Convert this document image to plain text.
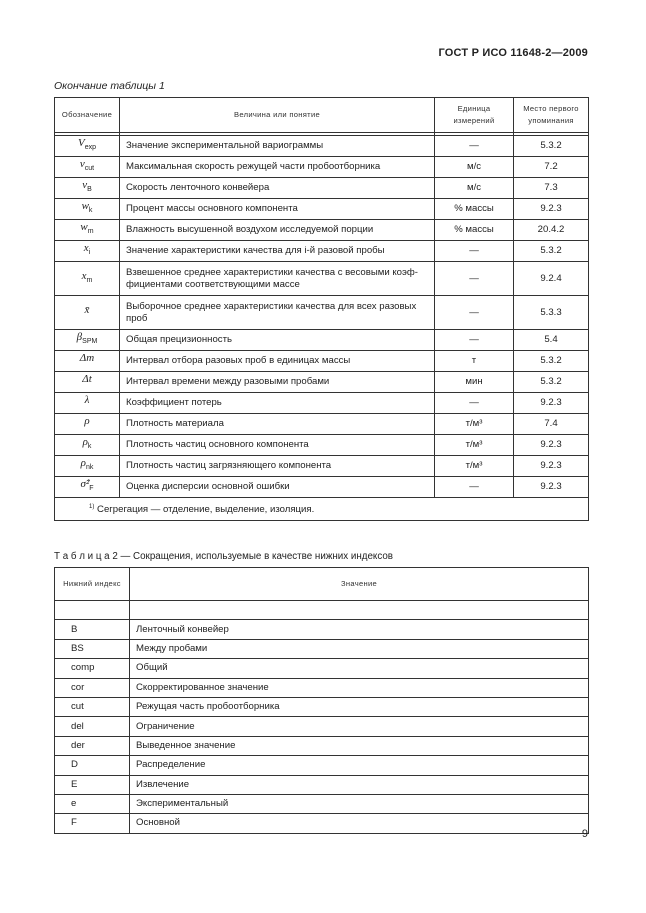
ГОСТ Р ИСО 11648-2—2009
Окончание таблицы 1
Обозначение	Величина или понятие	Единица измерений	Место первого упоминания

$V_{exp}$	Значение экспериментальной вариограммы	—	5.3.2
$\nu_{cut}$	Максимальная скорость режущей части пробоотборника	м/с	7.2
$\nu_B$	Скорость ленточного конвейера	м/с	7.3
$w_k$	Процент массы основного компонента	% массы	9.2.3
$w_m$	Влажность высушенной воздухом исследуемой порции	% массы	20.4.2
$x_i$	Значение характеристики качества для i-й разовой пробы	—	5.3.2
$x_m$	Взвешенное среднее характеристики качества с весовыми коэф-фициентами соответствующими массе	—	9.2.4
x̄	Выборочное среднее характеристики качества для всех разовых проб	—	5.3.3
$\beta_{SPM}$	Общая прецизионность	—	5.4
Δm	Интервал отбора разовых проб в единицах массы	т	5.3.2
Δt	Интервал времени между разовыми пробами	мин	5.3.2
λ	Коэффициент потерь	—	9.2.3
ρ	Плотность материала	т/м³	7.4
$\rho_k$	Плотность частиц основного компонента	т/м³	9.2.3
$\rho_{nk}$	Плотность частиц загрязняющего компонента	т/м³	9.2.3
$\sigmâ^2_F$	Оценка дисперсии основной ошибки	—	9.2.3
$^{1)}$ Сегрегация — отделение, выделение, изоляция.			
Т а б л и ц а 2 — Сокращения, используемые в качестве нижних индексов
Нижний индекс	Значение

B	Ленточный конвейер
BS	Между пробами
comp	Общий
cor	Скорректированное значение
cut	Режущая часть пробоотборника
del	Ограничение
der	Выведенное значение
D	Распределение
E	Извлечение
e	Экспериментальный
F	Основной
9
